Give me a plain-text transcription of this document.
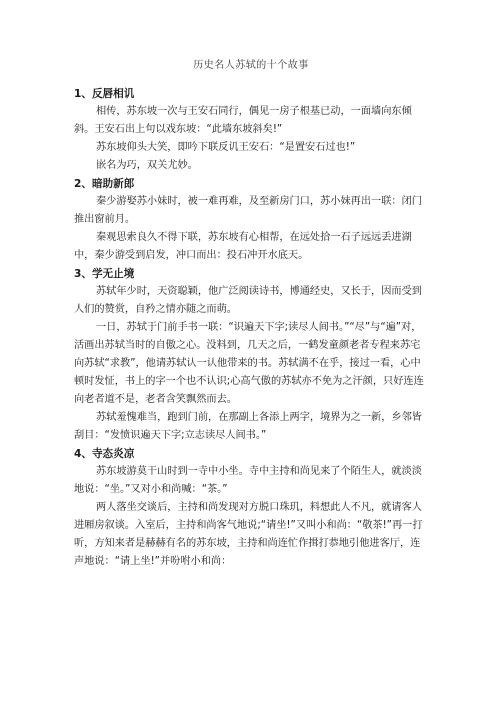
历史名人苏轼的十个故事
1、反唇相讥

相传，苏东坡一次与王安石同行，偶见一房子根基已动，一面墙向东倾斜。王安石出上句以戏东坡：“此墙东坡斜矣!”

苏东坡仰头大笑，即吟下联反讥王安石：“是置安石过也!”

嵌名为巧，双关尤妙。

2、暗助新郎

秦少游娶苏小妹时，被一难再难，及至新房门口，苏小妹再出一联：闭门推出窗前月。

秦观思索良久不得下联，苏东坡有心相帮，在远处拾一石子远远丢进湖中，秦少游受到启发，冲口而出：投石冲开水底天。

3、学无止境

苏轼年少时，天资聪颖，他广泛阅读诗书，博通经史，又长于，因而受到人们的赞赏，自矜之情亦随之而萌。

一日，苏轼于门前手书一联：“识遍天下字;读尽人间书。”“尽”与“遍”对，活画出苏轼当时的自傲之心。没料到，几天之后，一鹤发童颜老者专程来苏宅向苏轼“求教”，他请苏轼认一认他带来的书。苏轼满不在乎，接过一看，心中顿时发怔，书上的字一个也不认识;心高气傲的苏轼亦不免为之汗颜，只好连连向老者道不是，老者含笑飘然而去。

苏轼羞愧难当，跑到门前，在那副上各添上两字，境界为之一新，乡邻皆刮目：“发愤识遍天下字;立志读尽人间书。”

4、寺态炎凉

苏东坡游莫干山时到一寺中小坐。寺中主持和尚见来了个陌生人，就淡淡地说：“坐。”又对小和尚喊：“茶。”

两人落坐交谈后，主持和尚发现对方脱口珠玑，料想此人不凡，就请客人进厢房叙谈。入室后，主持和尚客气地说;“请坐!”又叫小和尚：“敬茶!”再一打听，方知来者是赫赫有名的苏东坡，主持和尚连忙作揖打恭地引他进客厅，连声地说：“请上坐!”并吩咐小和尚：
